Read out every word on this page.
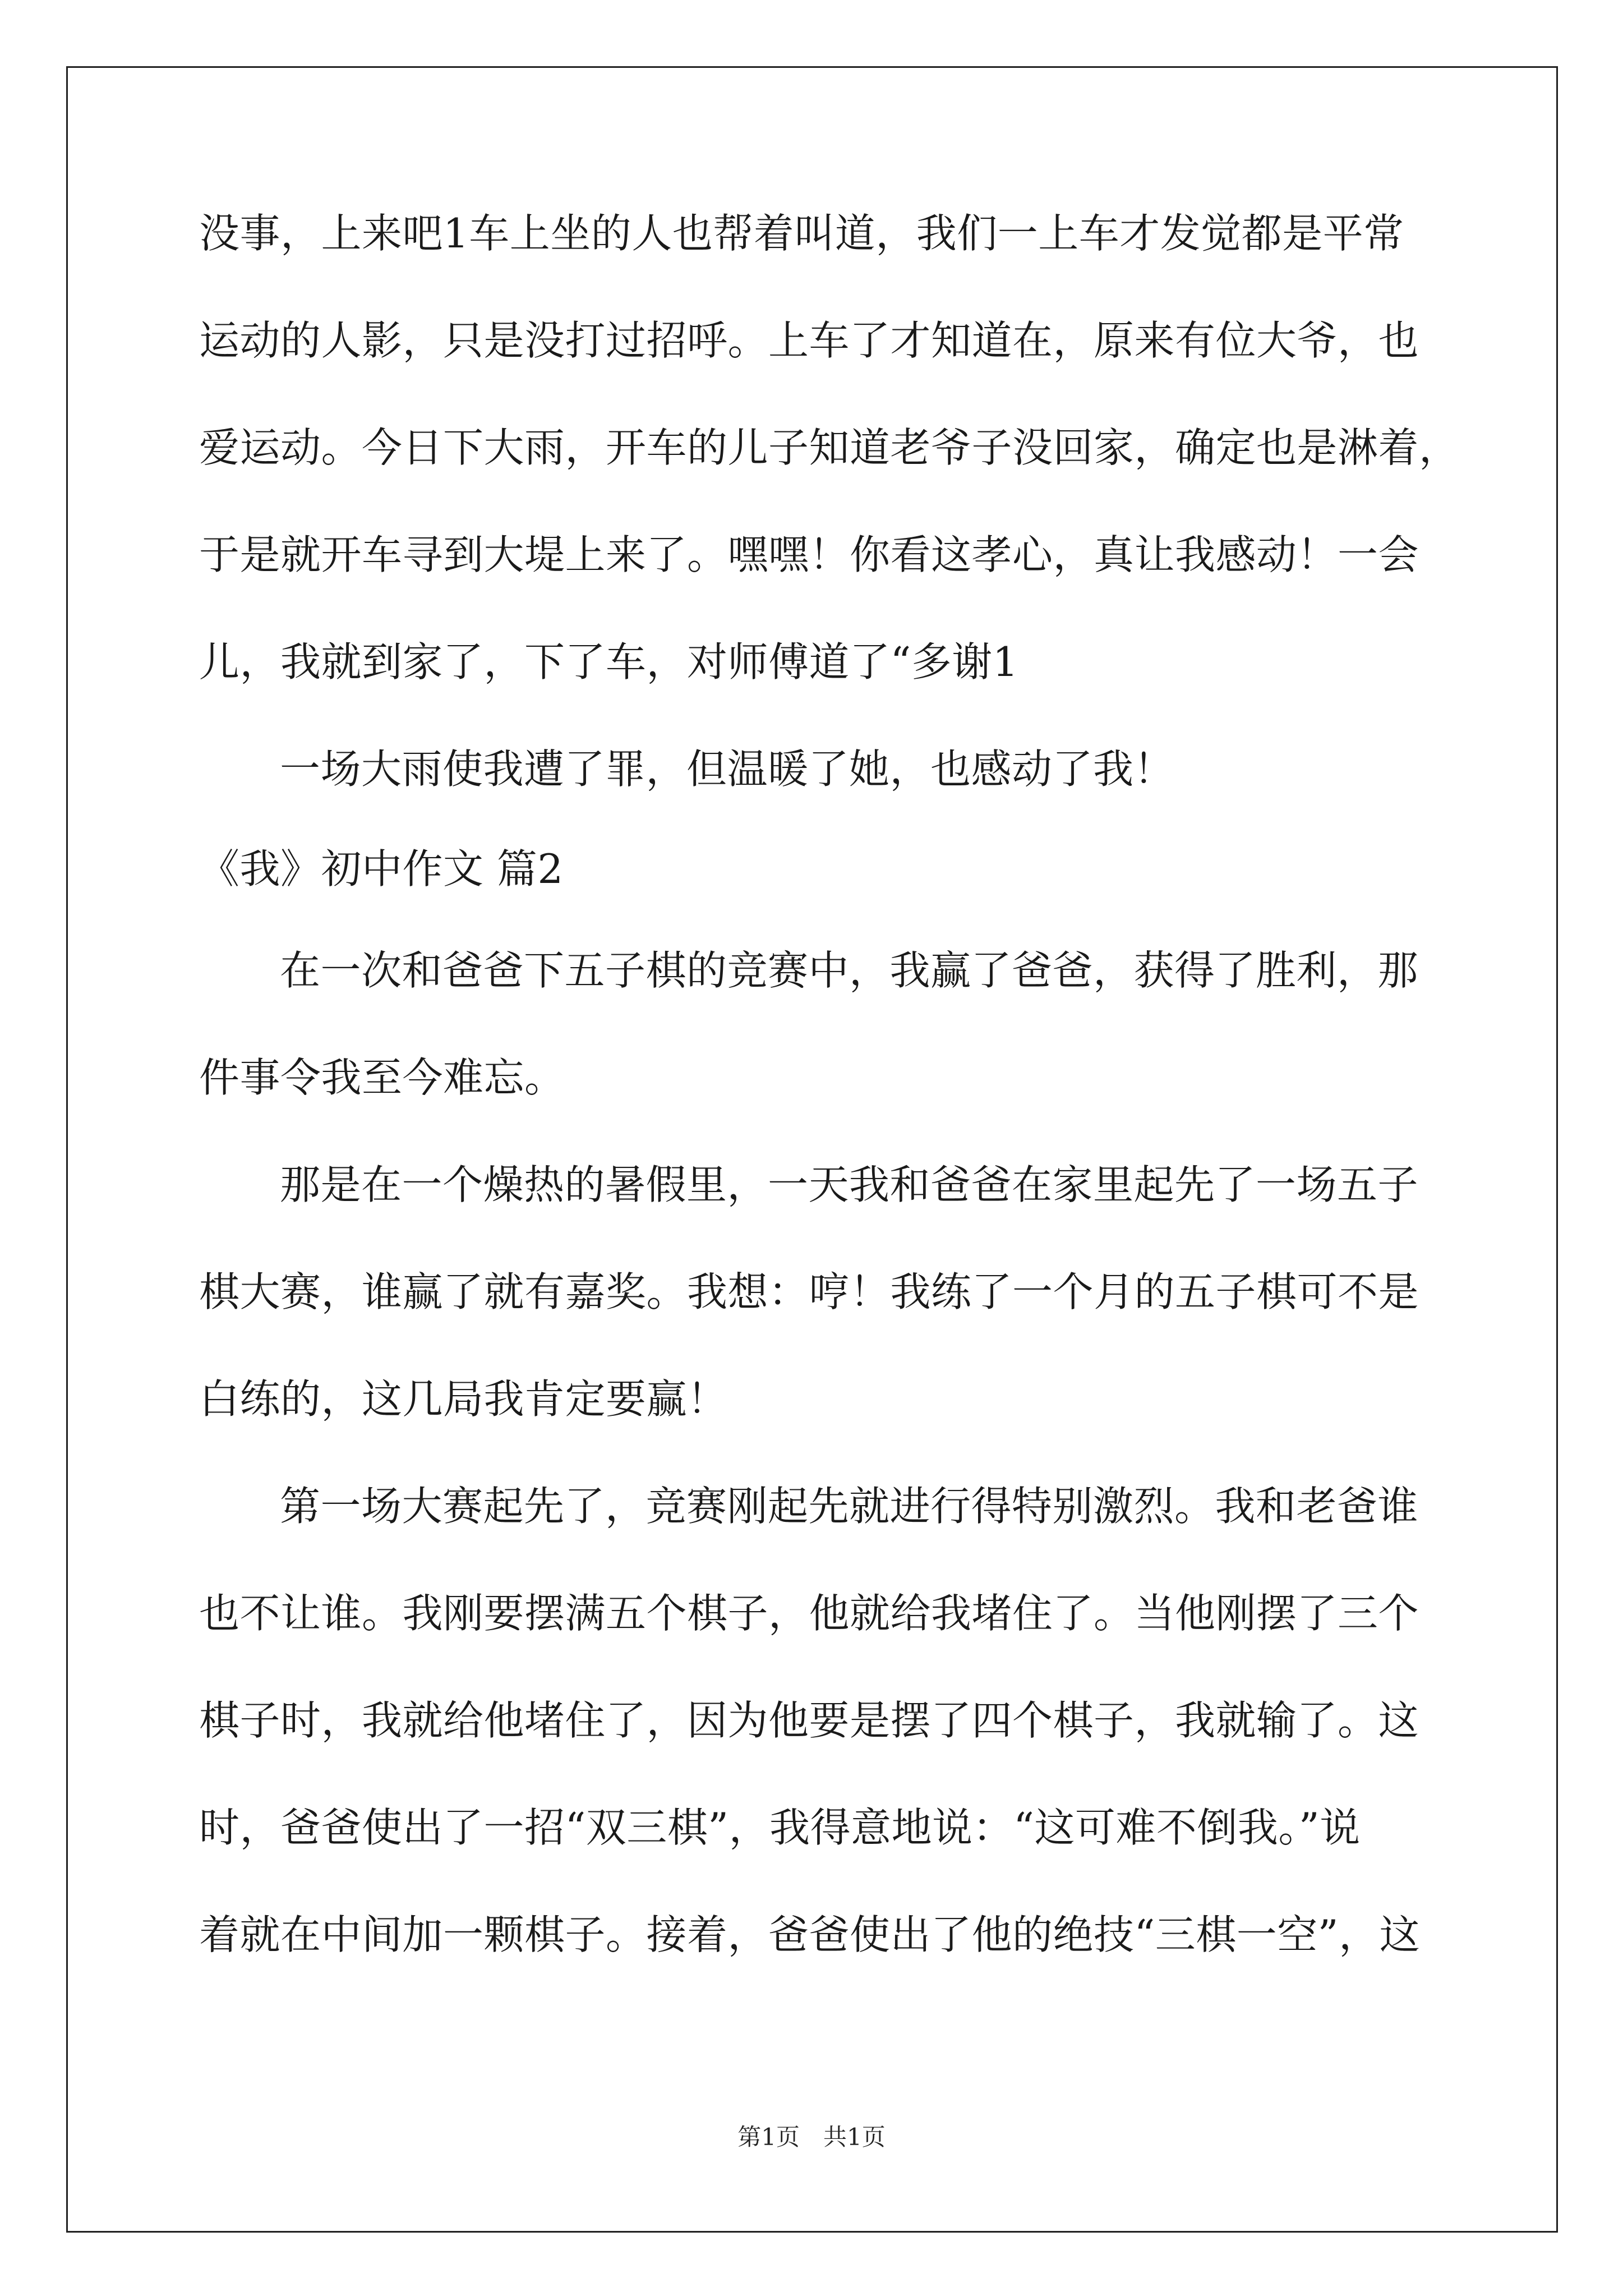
没事，上来吧1车上坐的人也帮着叫道，我们一上车才发觉都是平常
运动的人影，只是没打过招呼。上车了才知道在，原来有位大爷，也
爱运动。今日下大雨，开车的儿子知道老爷子没回家，确定也是淋着，
于是就开车寻到大堤上来了。嘿嘿！你看这孝心，真让我感动！一会
儿，我就到家了，下了车，对师傅道了“多谢1
一场大雨使我遭了罪，但温暖了她，也感动了我！
《我》初中作文 篇2
在一次和爸爸下五子棋的竞赛中，我赢了爸爸，获得了胜利，那
件事令我至今难忘。
那是在一个燥热的暑假里，一天我和爸爸在家里起先了一场五子
棋大赛，谁赢了就有嘉奖。我想：哼！我练了一个月的五子棋可不是
白练的，这几局我肯定要赢！
第一场大赛起先了，竞赛刚起先就进行得特别激烈。我和老爸谁
也不让谁。我刚要摆满五个棋子，他就给我堵住了。当他刚摆了三个
棋子时，我就给他堵住了，因为他要是摆了四个棋子，我就输了。这
时，爸爸使出了一招“双三棋”，我得意地说：“这可难不倒我。”说
着就在中间加一颗棋子。接着，爸爸使出了他的绝技“三棋一空”，这
第1页　共1页
